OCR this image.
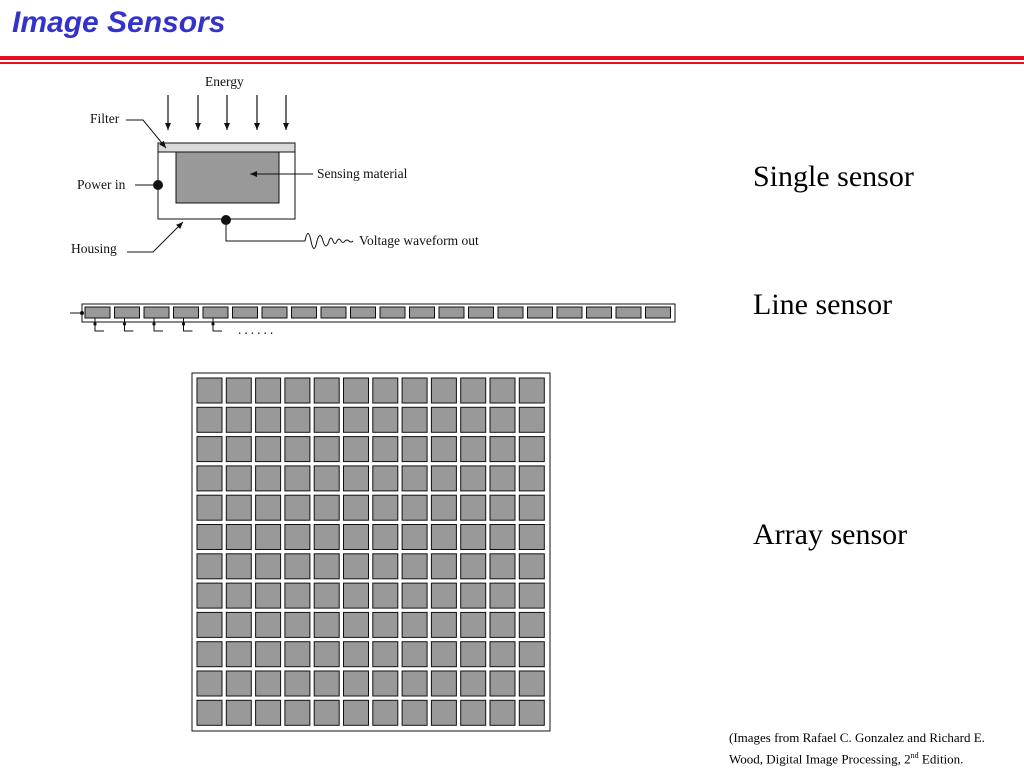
Image Sensors
Energy
Filter
Power in
Housing
Sensing material
Voltage waveform out
......
Single sensor
Line sensor
Array sensor
(Images from Rafael C. Gonzalez and Richard E. Wood, Digital Image Processing, 2nd Edition.
